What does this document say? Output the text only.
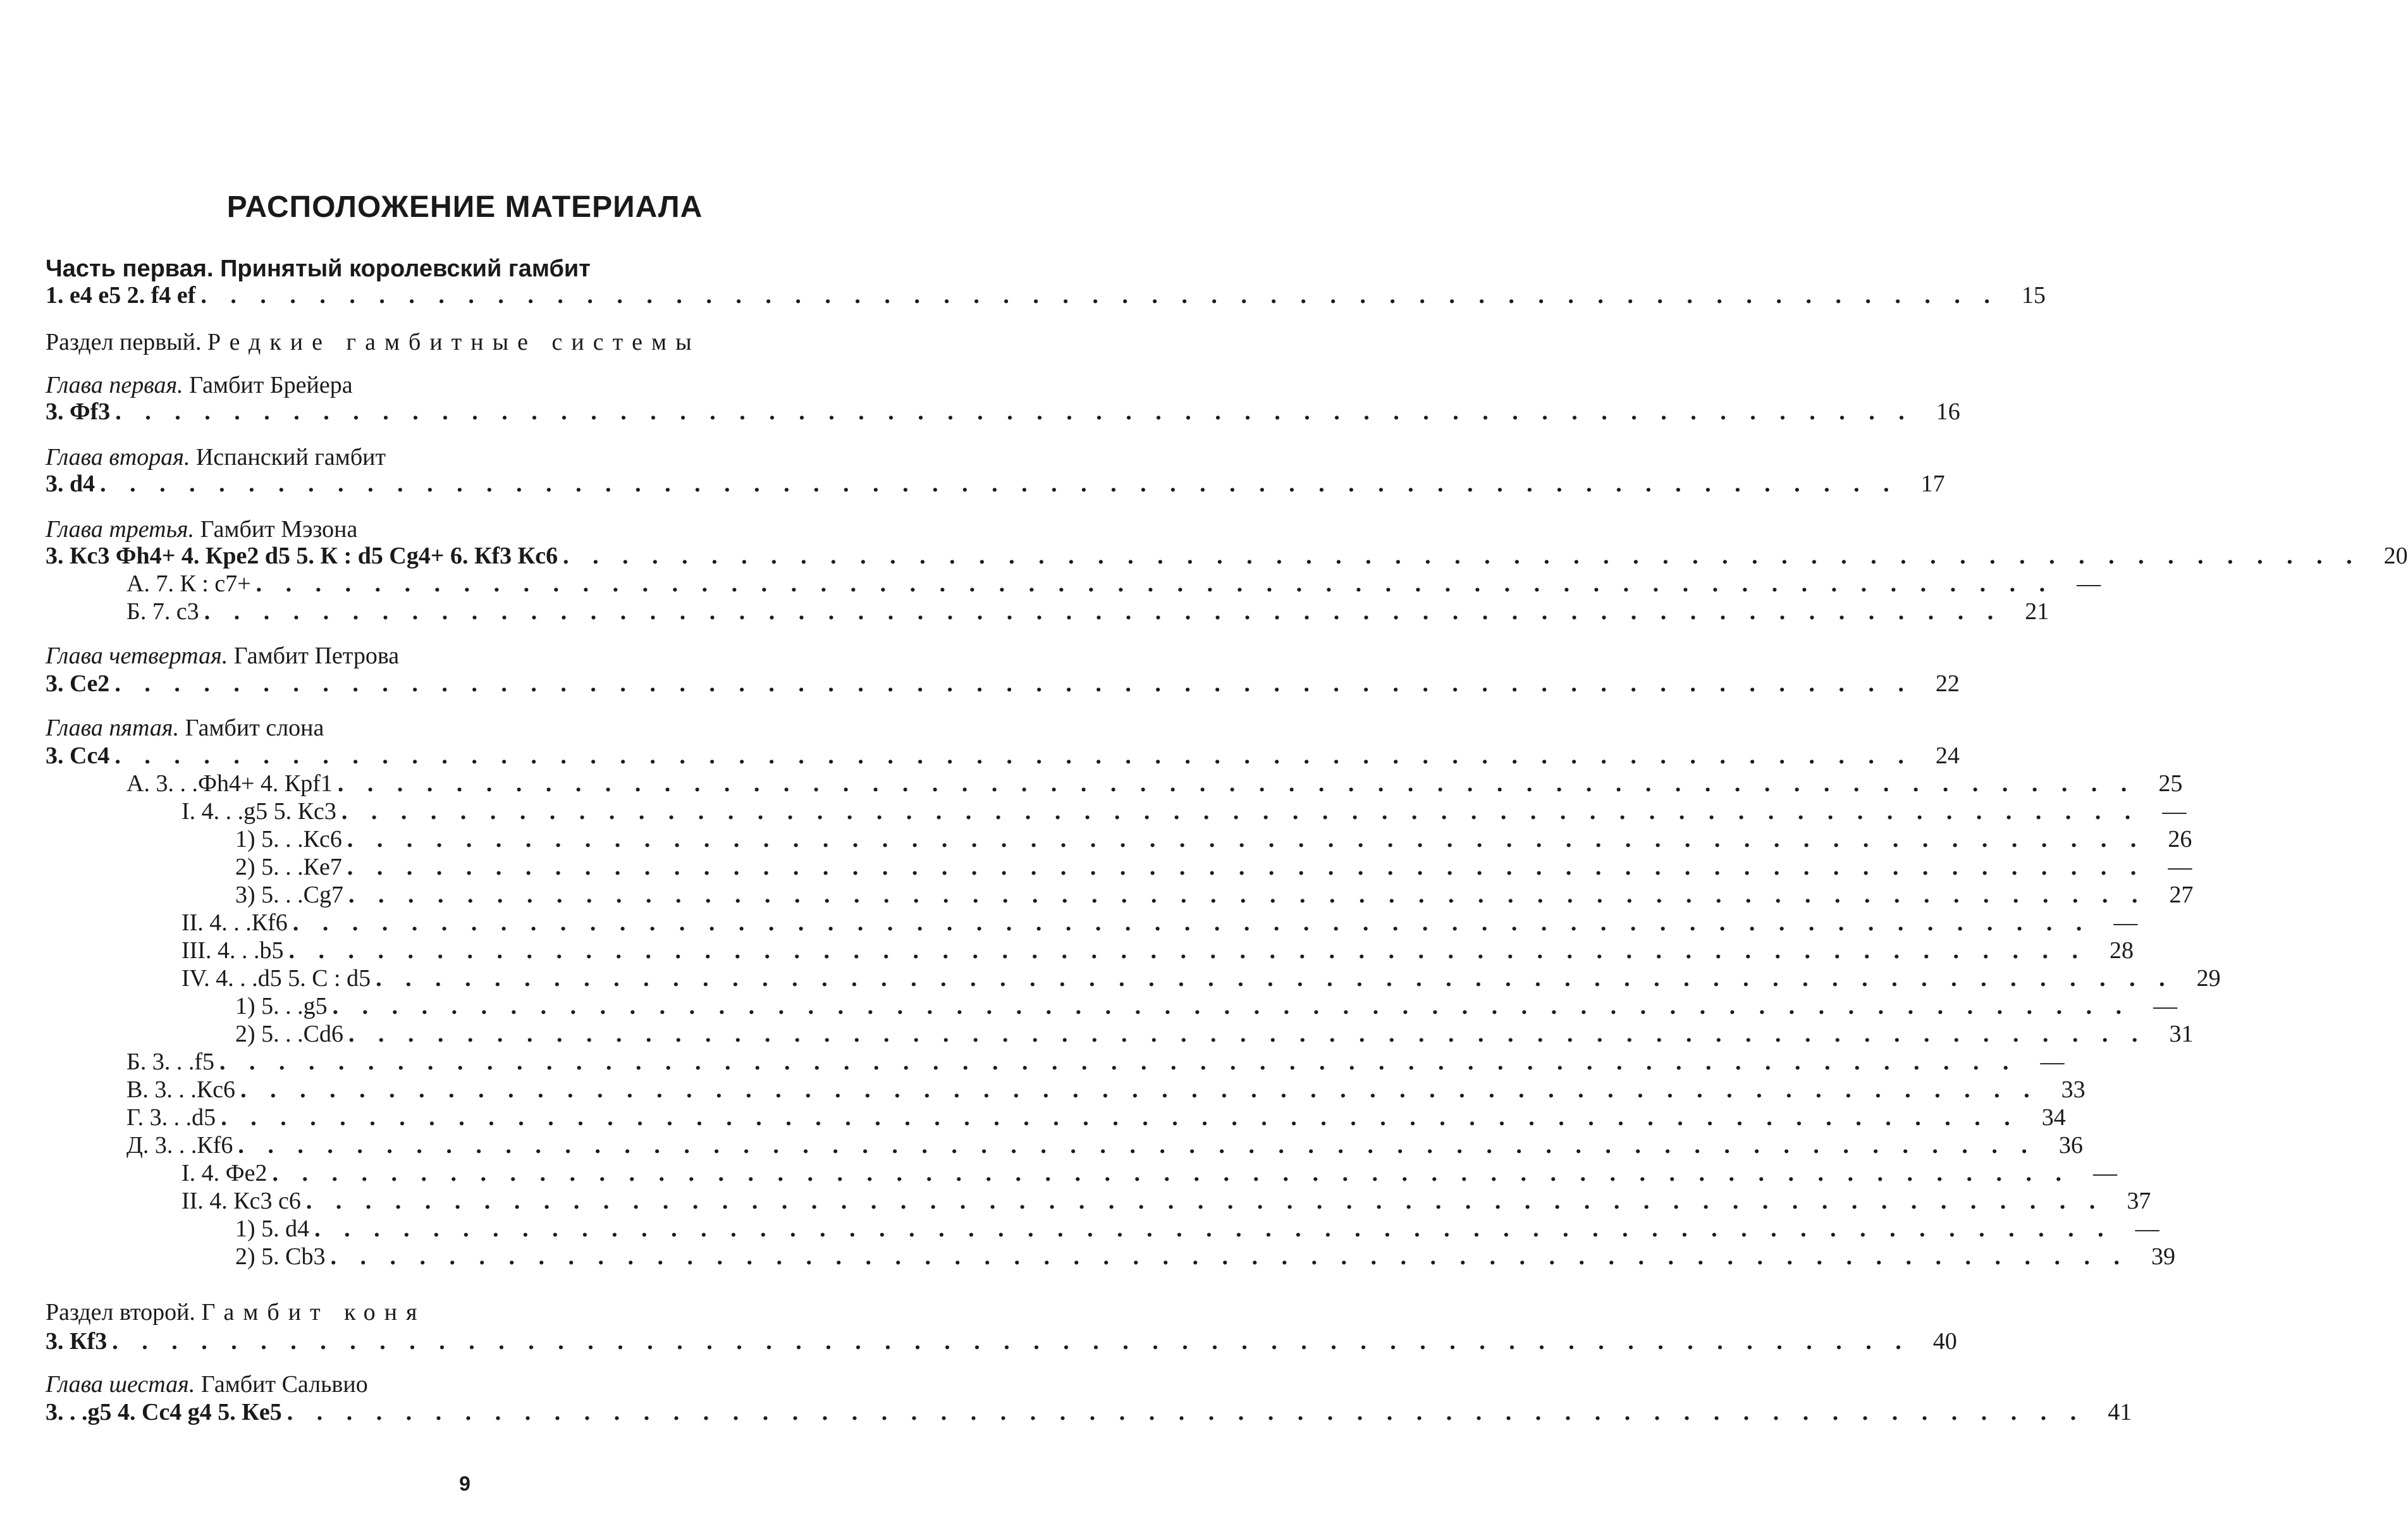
РАСПОЛОЖЕНИЕ МАТЕРИАЛА
Часть первая. Принятый королевский гамбит
1. e4 e5 2. f4 ef . . . . . . . . . . . . . . . . . . . . . . . . . . . . . . . . . . . . . . . . . . . . . . . . . . . . . . . . . . . . . 15
Раздел первый. Редкие гамбитные системы
Глава первая. Гамбит Брейера
3. Фf3 . . . . . . . . . . . . . . . . . . . . . . . . . . . . . . . . . . . . . . . . . . . . . . . . . . . . . . . . . . . . . 16
Глава вторая. Испанский гамбит
3. d4 . . . . . . . . . . . . . . . . . . . . . . . . . . . . . . . . . . . . . . . . . . . . . . . . . . . . . . . . . . . . . 17
Глава третья. Гамбит Мэзона
3. Кc3 Фh4+ 4. Кpe2 d5 5. К : d5 Cg4+ 6. Кf3 Кc6 . . . . . . . . . . . . . . . . . . . . . . . . . . . . . . . . . . . . . . . . . . . . . . . . . . . . . . . . . . . . . 20
А. 7. К : c7+ . . . . . . . . . . . . . . . . . . . . . . . . . . . . . . . . . . . . . . . . . . . . . . . . . . . . . . . . . . . . . —
Б. 7. c3 . . . . . . . . . . . . . . . . . . . . . . . . . . . . . . . . . . . . . . . . . . . . . . . . . . . . . . . . . . . . . 21
Глава четвертая. Гамбит Петрова
3. Ce2 . . . . . . . . . . . . . . . . . . . . . . . . . . . . . . . . . . . . . . . . . . . . . . . . . . . . . . . . . . . . . 22
Глава пятая. Гамбит слона
3. Cc4 . . . . . . . . . . . . . . . . . . . . . . . . . . . . . . . . . . . . . . . . . . . . . . . . . . . . . . . . . . . . . 24
А. 3. . .Фh4+ 4. Кpf1 . . . . . . . . . . . . . . . . . . . . . . . . . . . . . . . . . . . . . . . . . . . . . . . . . . . . . . . . . . . . . 25
I. 4. . .g5 5. Кc3 . . . . . . . . . . . . . . . . . . . . . . . . . . . . . . . . . . . . . . . . . . . . . . . . . . . . . . . . . . . . . —
1) 5. . .Кc6 . . . . . . . . . . . . . . . . . . . . . . . . . . . . . . . . . . . . . . . . . . . . . . . . . . . . . . . . . . . . . 26
2) 5. . .Кe7 . . . . . . . . . . . . . . . . . . . . . . . . . . . . . . . . . . . . . . . . . . . . . . . . . . . . . . . . . . . . . —
3) 5. . .Cg7 . . . . . . . . . . . . . . . . . . . . . . . . . . . . . . . . . . . . . . . . . . . . . . . . . . . . . . . . . . . . . 27
II. 4. . .Кf6 . . . . . . . . . . . . . . . . . . . . . . . . . . . . . . . . . . . . . . . . . . . . . . . . . . . . . . . . . . . . . —
III. 4. . .b5 . . . . . . . . . . . . . . . . . . . . . . . . . . . . . . . . . . . . . . . . . . . . . . . . . . . . . . . . . . . . . 28
IV. 4. . .d5 5. C : d5 . . . . . . . . . . . . . . . . . . . . . . . . . . . . . . . . . . . . . . . . . . . . . . . . . . . . . . . . . . . . . 29
1) 5. . .g5 . . . . . . . . . . . . . . . . . . . . . . . . . . . . . . . . . . . . . . . . . . . . . . . . . . . . . . . . . . . . . —
2) 5. . .Cd6 . . . . . . . . . . . . . . . . . . . . . . . . . . . . . . . . . . . . . . . . . . . . . . . . . . . . . . . . . . . . . 31
Б. 3. . .f5 . . . . . . . . . . . . . . . . . . . . . . . . . . . . . . . . . . . . . . . . . . . . . . . . . . . . . . . . . . . . . —
В. 3. . .Кc6 . . . . . . . . . . . . . . . . . . . . . . . . . . . . . . . . . . . . . . . . . . . . . . . . . . . . . . . . . . . . . 33
Г. 3. . .d5 . . . . . . . . . . . . . . . . . . . . . . . . . . . . . . . . . . . . . . . . . . . . . . . . . . . . . . . . . . . . . 34
Д. 3. . .Кf6 . . . . . . . . . . . . . . . . . . . . . . . . . . . . . . . . . . . . . . . . . . . . . . . . . . . . . . . . . . . . . 36
I. 4. Фe2 . . . . . . . . . . . . . . . . . . . . . . . . . . . . . . . . . . . . . . . . . . . . . . . . . . . . . . . . . . . . . —
II. 4. Кc3 c6 . . . . . . . . . . . . . . . . . . . . . . . . . . . . . . . . . . . . . . . . . . . . . . . . . . . . . . . . . . . . . 37
1) 5. d4 . . . . . . . . . . . . . . . . . . . . . . . . . . . . . . . . . . . . . . . . . . . . . . . . . . . . . . . . . . . . . —
2) 5. Cb3 . . . . . . . . . . . . . . . . . . . . . . . . . . . . . . . . . . . . . . . . . . . . . . . . . . . . . . . . . . . . . 39
Раздел второй. Гамбит коня
3. Кf3 . . . . . . . . . . . . . . . . . . . . . . . . . . . . . . . . . . . . . . . . . . . . . . . . . . . . . . . . . . . . . 40
Глава шестая. Гамбит Сальвио
3. . .g5 4. Cc4 g4 5. Кe5 . . . . . . . . . . . . . . . . . . . . . . . . . . . . . . . . . . . . . . . . . . . . . . . . . . . . . . . . . . . . . 41
9
